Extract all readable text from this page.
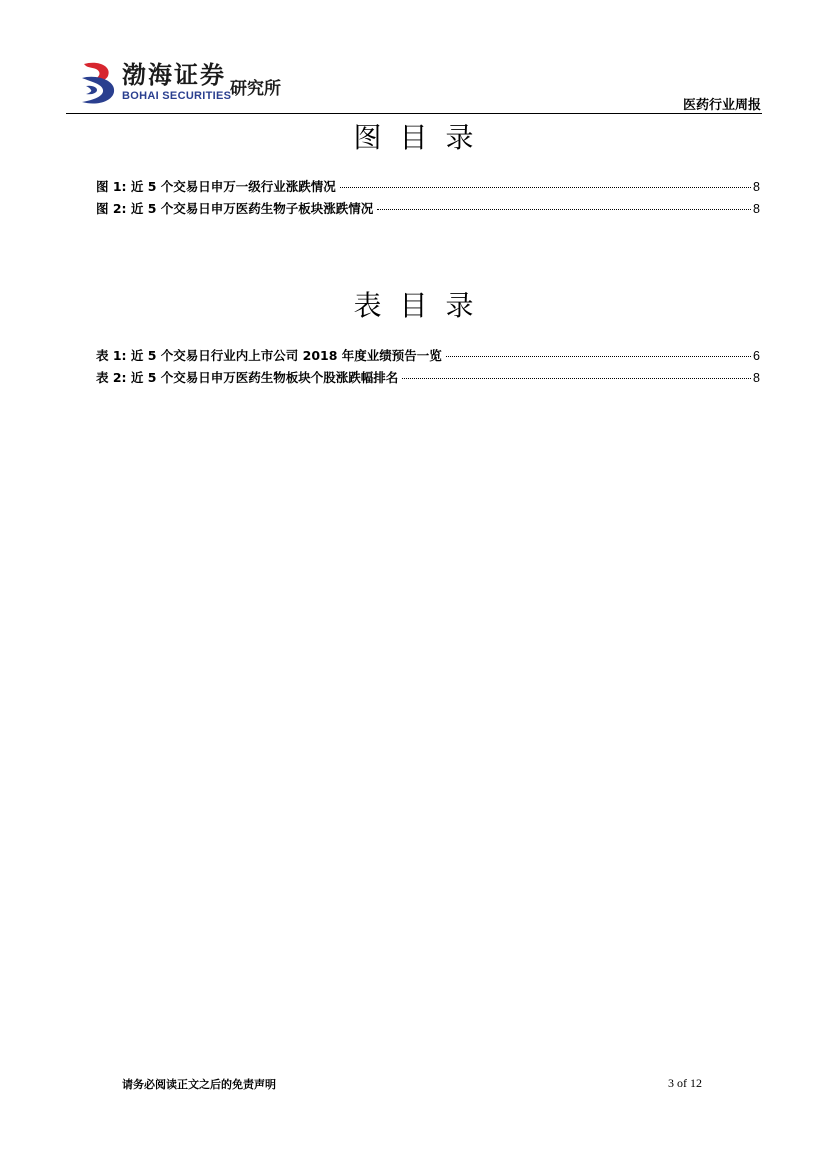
渤海证券
BOHAI SECURITIES
研究所
医药行业周报
图目录
图 1: 近 5 个交易日申万一级行业涨跌情况	8
图 2: 近 5 个交易日申万医药生物子板块涨跌情况	8
表目录
表 1: 近 5 个交易日行业内上市公司 2018 年度业绩预告一览	6
表 2: 近 5 个交易日申万医药生物板块个股涨跌幅排名	8
请务必阅读正文之后的免责声明	3 of 12
